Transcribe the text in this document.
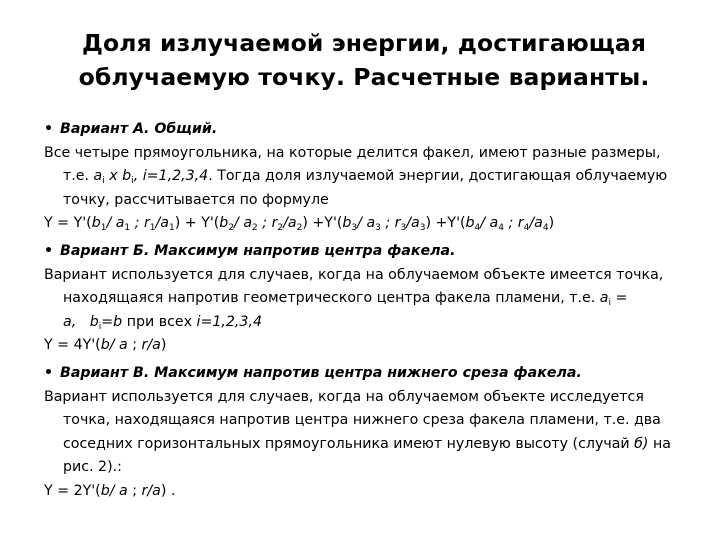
Доля излучаемой энергии, достигающая
облучаемую точку. Расчетные варианты.

• Вариант А. Общий.

Все четыре прямоугольника, на которые делится факел, имеют разные размеры, т.е. $a_i$ x $b_i$, i=1,2,3,4. Тогда доля излучаемой энергии, достигающая облучаемую точку, рассчитывается по формуле

$Y = Y'(b_1/$ $a_1$ ; $r_1/a_1) + Y'(b_2/$ $a_2$ ; $r_2/a_2) +Y'(b_3/$ $a_3$ ; $r_3/a_3) +Y'(b_4/$ $a_4$ ; $r_4/a_4$)

• Вариант Б. Максимум напротив центра факела.

Вариант используется для случаев, когда на облучаемом объекте имеется точка, находящаяся напротив геометрического центра факела пламени, т.е. $a_i = a$, $b_i=b$ при всех i=1,2,3,4

Y = 4Y'(b/ a ; r/a)

• Вариант В. Максимум напротив центра нижнего среза факела.

Вариант используется для случаев, когда на облучаемом объекте исследуется точка, находящаяся напротив центра нижнего среза факела пламени, т.е. два соседних горизонтальных прямоугольника имеют нулевую высоту (случай б) на рис. 2).:

Y = 2Y'(b/ a ; r/a) .
